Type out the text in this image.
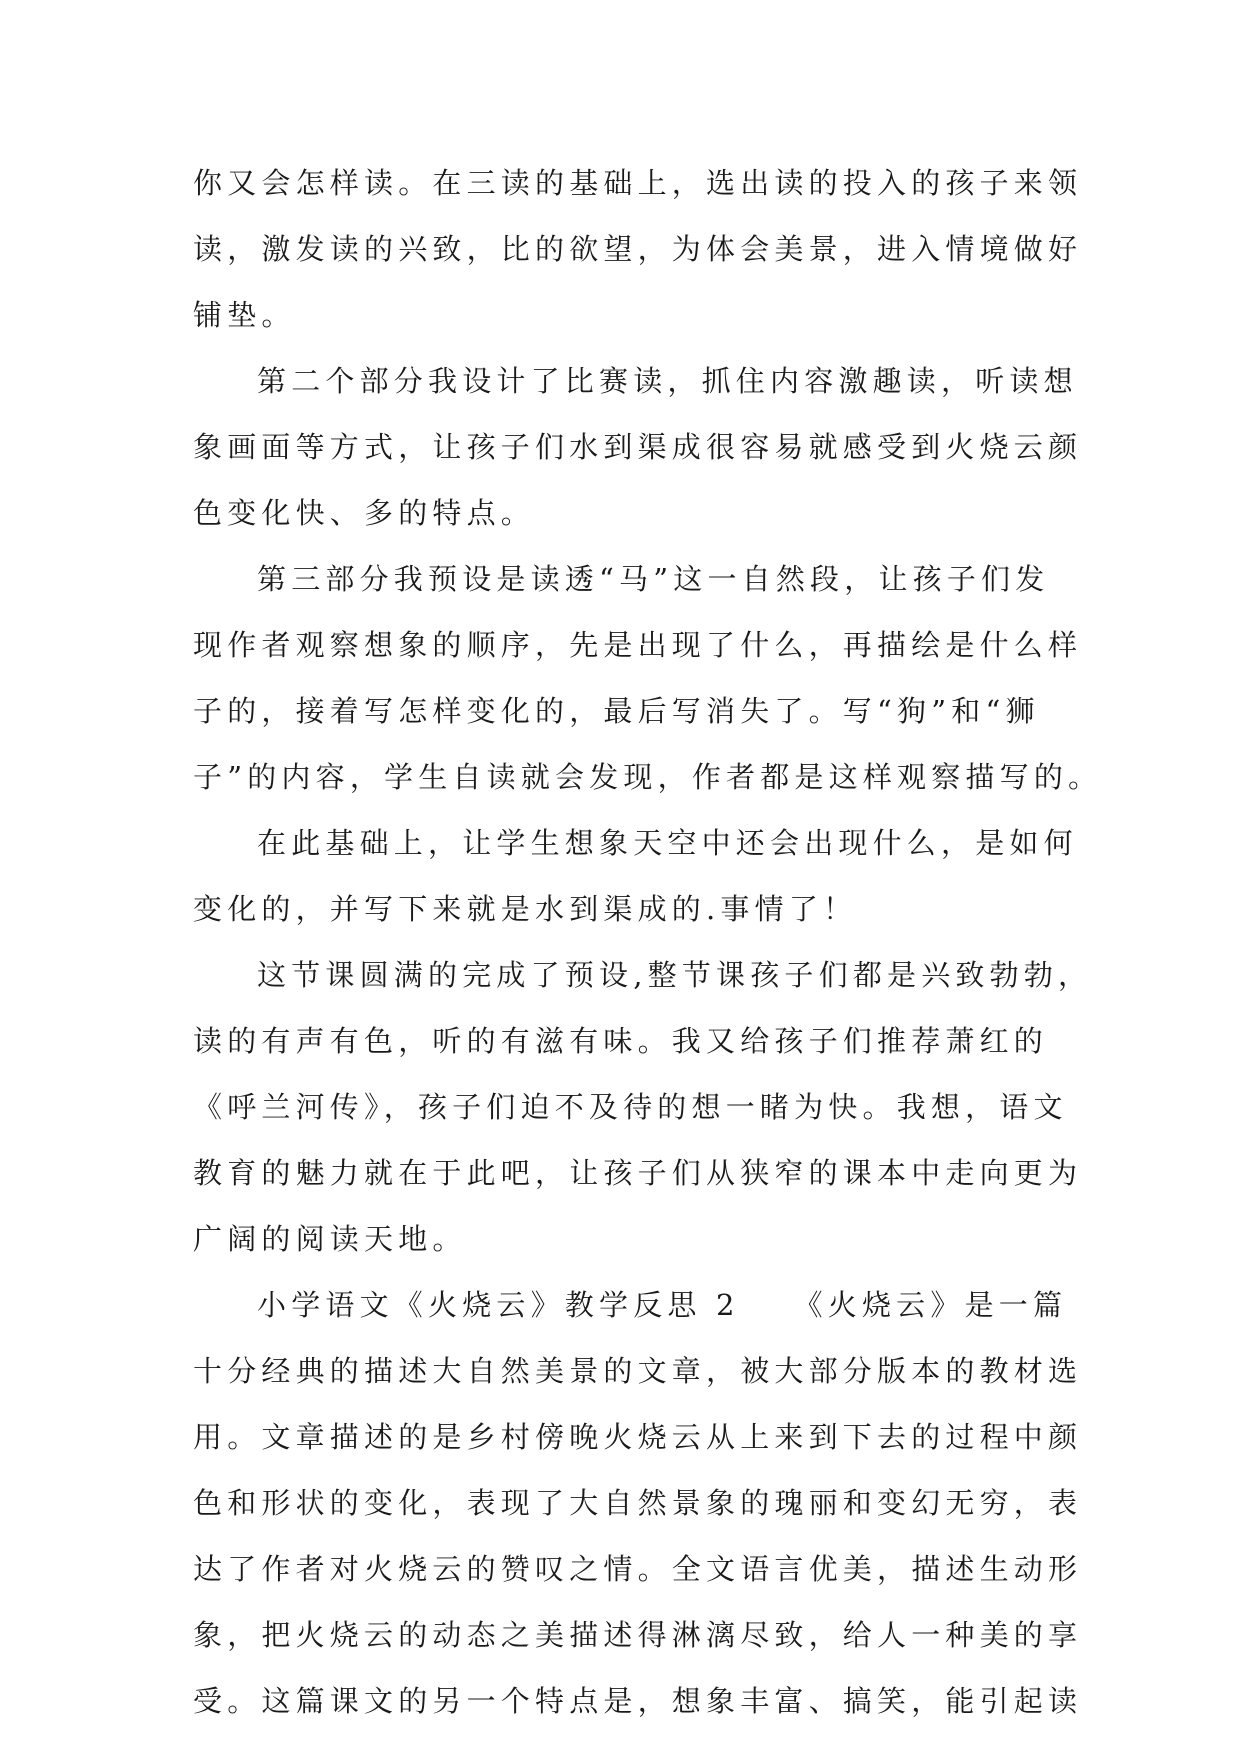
你又会怎样读。在三读的基础上，选出读的投入的孩子来领
读，激发读的兴致，比的欲望，为体会美景，进入情境做好
铺垫。
第二个部分我设计了比赛读，抓住内容激趣读，听读想
象画面等方式，让孩子们水到渠成很容易就感受到火烧云颜
色变化快、多的特点。
第三部分我预设是读透“马”这一自然段，让孩子们发
现作者观察想象的顺序，先是出现了什么，再描绘是什么样
子的，接着写怎样变化的，最后写消失了。写“狗”和“狮
子”的内容，学生自读就会发现，作者都是这样观察描写的。
在此基础上，让学生想象天空中还会出现什么，是如何
变化的，并写下来就是水到渠成的.事情了！
这节课圆满的完成了预设,整节课孩子们都是兴致勃勃，
读的有声有色，听的有滋有味。我又给孩子们推荐萧红的
《呼兰河传》，孩子们迫不及待的想一睹为快。我想，语文
教育的魅力就在于此吧，让孩子们从狭窄的课本中走向更为
广阔的阅读天地。
小学语文《火烧云》教学反思 2　　《火烧云》是一篇
十分经典的描述大自然美景的文章，被大部分版本的教材选
用。文章描述的是乡村傍晚火烧云从上来到下去的过程中颜
色和形状的变化，表现了大自然景象的瑰丽和变幻无穷，表
达了作者对火烧云的赞叹之情。全文语言优美，描述生动形
象，把火烧云的动态之美描述得淋漓尽致，给人一种美的享
受。这篇课文的另一个特点是，想象丰富、搞笑，能引起读
